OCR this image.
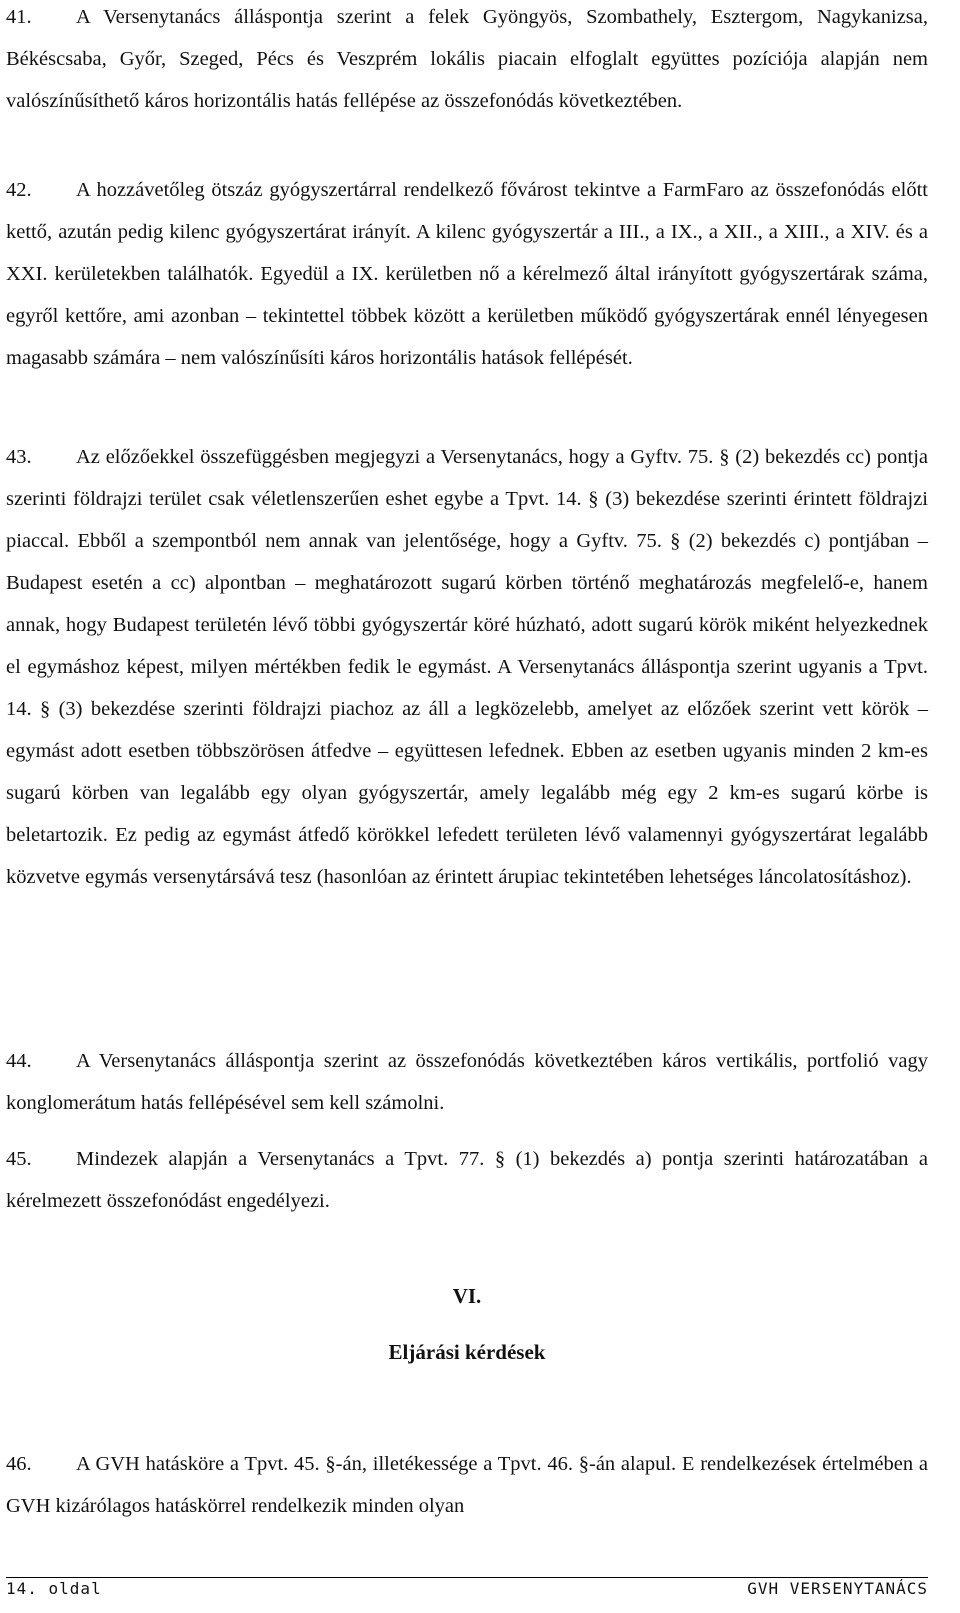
41. A Versenytanács álláspontja szerint a felek Gyöngyös, Szombathely, Esztergom, Nagykanizsa, Békéscsaba, Győr, Szeged, Pécs és Veszprém lokális piacain elfoglalt együttes pozíciója alapján nem valószínűsíthető káros horizontális hatás fellépése az összefonódás következtében.

42. A hozzávetőleg ötszáz gyógyszertárral rendelkező fővárost tekintve a FarmFaro az összefonódás előtt kettő, azután pedig kilenc gyógyszertárat irányít. A kilenc gyógyszertár a III., a IX., a XII., a XIII., a XIV. és a XXI. kerületekben találhatók. Egyedül a IX. kerületben nő a kérelmező által irányított gyógyszertárak száma, egyről kettőre, ami azonban – tekintettel többek között a kerületben működő gyógyszertárak ennél lényegesen magasabb számára – nem valószínűsíti káros horizontális hatások fellépését.

43. Az előzőekkel összefüggésben megjegyzi a Versenytanács, hogy a Gyftv. 75. § (2) bekezdés cc) pontja szerinti földrajzi terület csak véletlenszerűen eshet egybe a Tpvt. 14. § (3) bekezdése szerinti érintett földrajzi piaccal. Ebből a szempontból nem annak van jelentősége, hogy a Gyftv. 75. § (2) bekezdés c) pontjában – Budapest esetén a cc) alpontban – meghatározott sugarú körben történő meghatározás megfelelő-e, hanem annak, hogy Budapest területén lévő többi gyógyszertár köré húzható, adott sugarú körök miként helyezkednek el egymáshoz képest, milyen mértékben fedik le egymást. A Versenytanács álláspontja szerint ugyanis a Tpvt. 14. § (3) bekezdése szerinti földrajzi piachoz az áll a legközelebb, amelyet az előzőek szerint vett körök – egymást adott esetben többszörösen átfedve – együttesen lefednek. Ebben az esetben ugyanis minden 2 km-es sugarú körben van legalább egy olyan gyógyszertár, amely legalább még egy 2 km-es sugarú körbe is beletartozik. Ez pedig az egymást átfedő körökkel lefedett területen lévő valamennyi gyógyszertárat legalább közvetve egymás versenytársává tesz (hasonlóan az érintett árupiac tekintetében lehetséges láncolatosításhoz).

44. A Versenytanács álláspontja szerint az összefonódás következtében káros vertikális, portfolió vagy konglomerátum hatás fellépésével sem kell számolni.

45. Mindezek alapján a Versenytanács a Tpvt. 77. § (1) bekezdés a) pontja szerinti határozatában a kérelmezett összefonódást engedélyezi.

VI.
Eljárási kérdések

46. A GVH hatásköre a Tpvt. 45. §-án, illetékessége a Tpvt. 46. §-án alapul. E rendelkezések értelmében a GVH kizárólagos hatáskörrel rendelkezik minden olyan

14. oldal	GVH VERSENYTANÁCS
